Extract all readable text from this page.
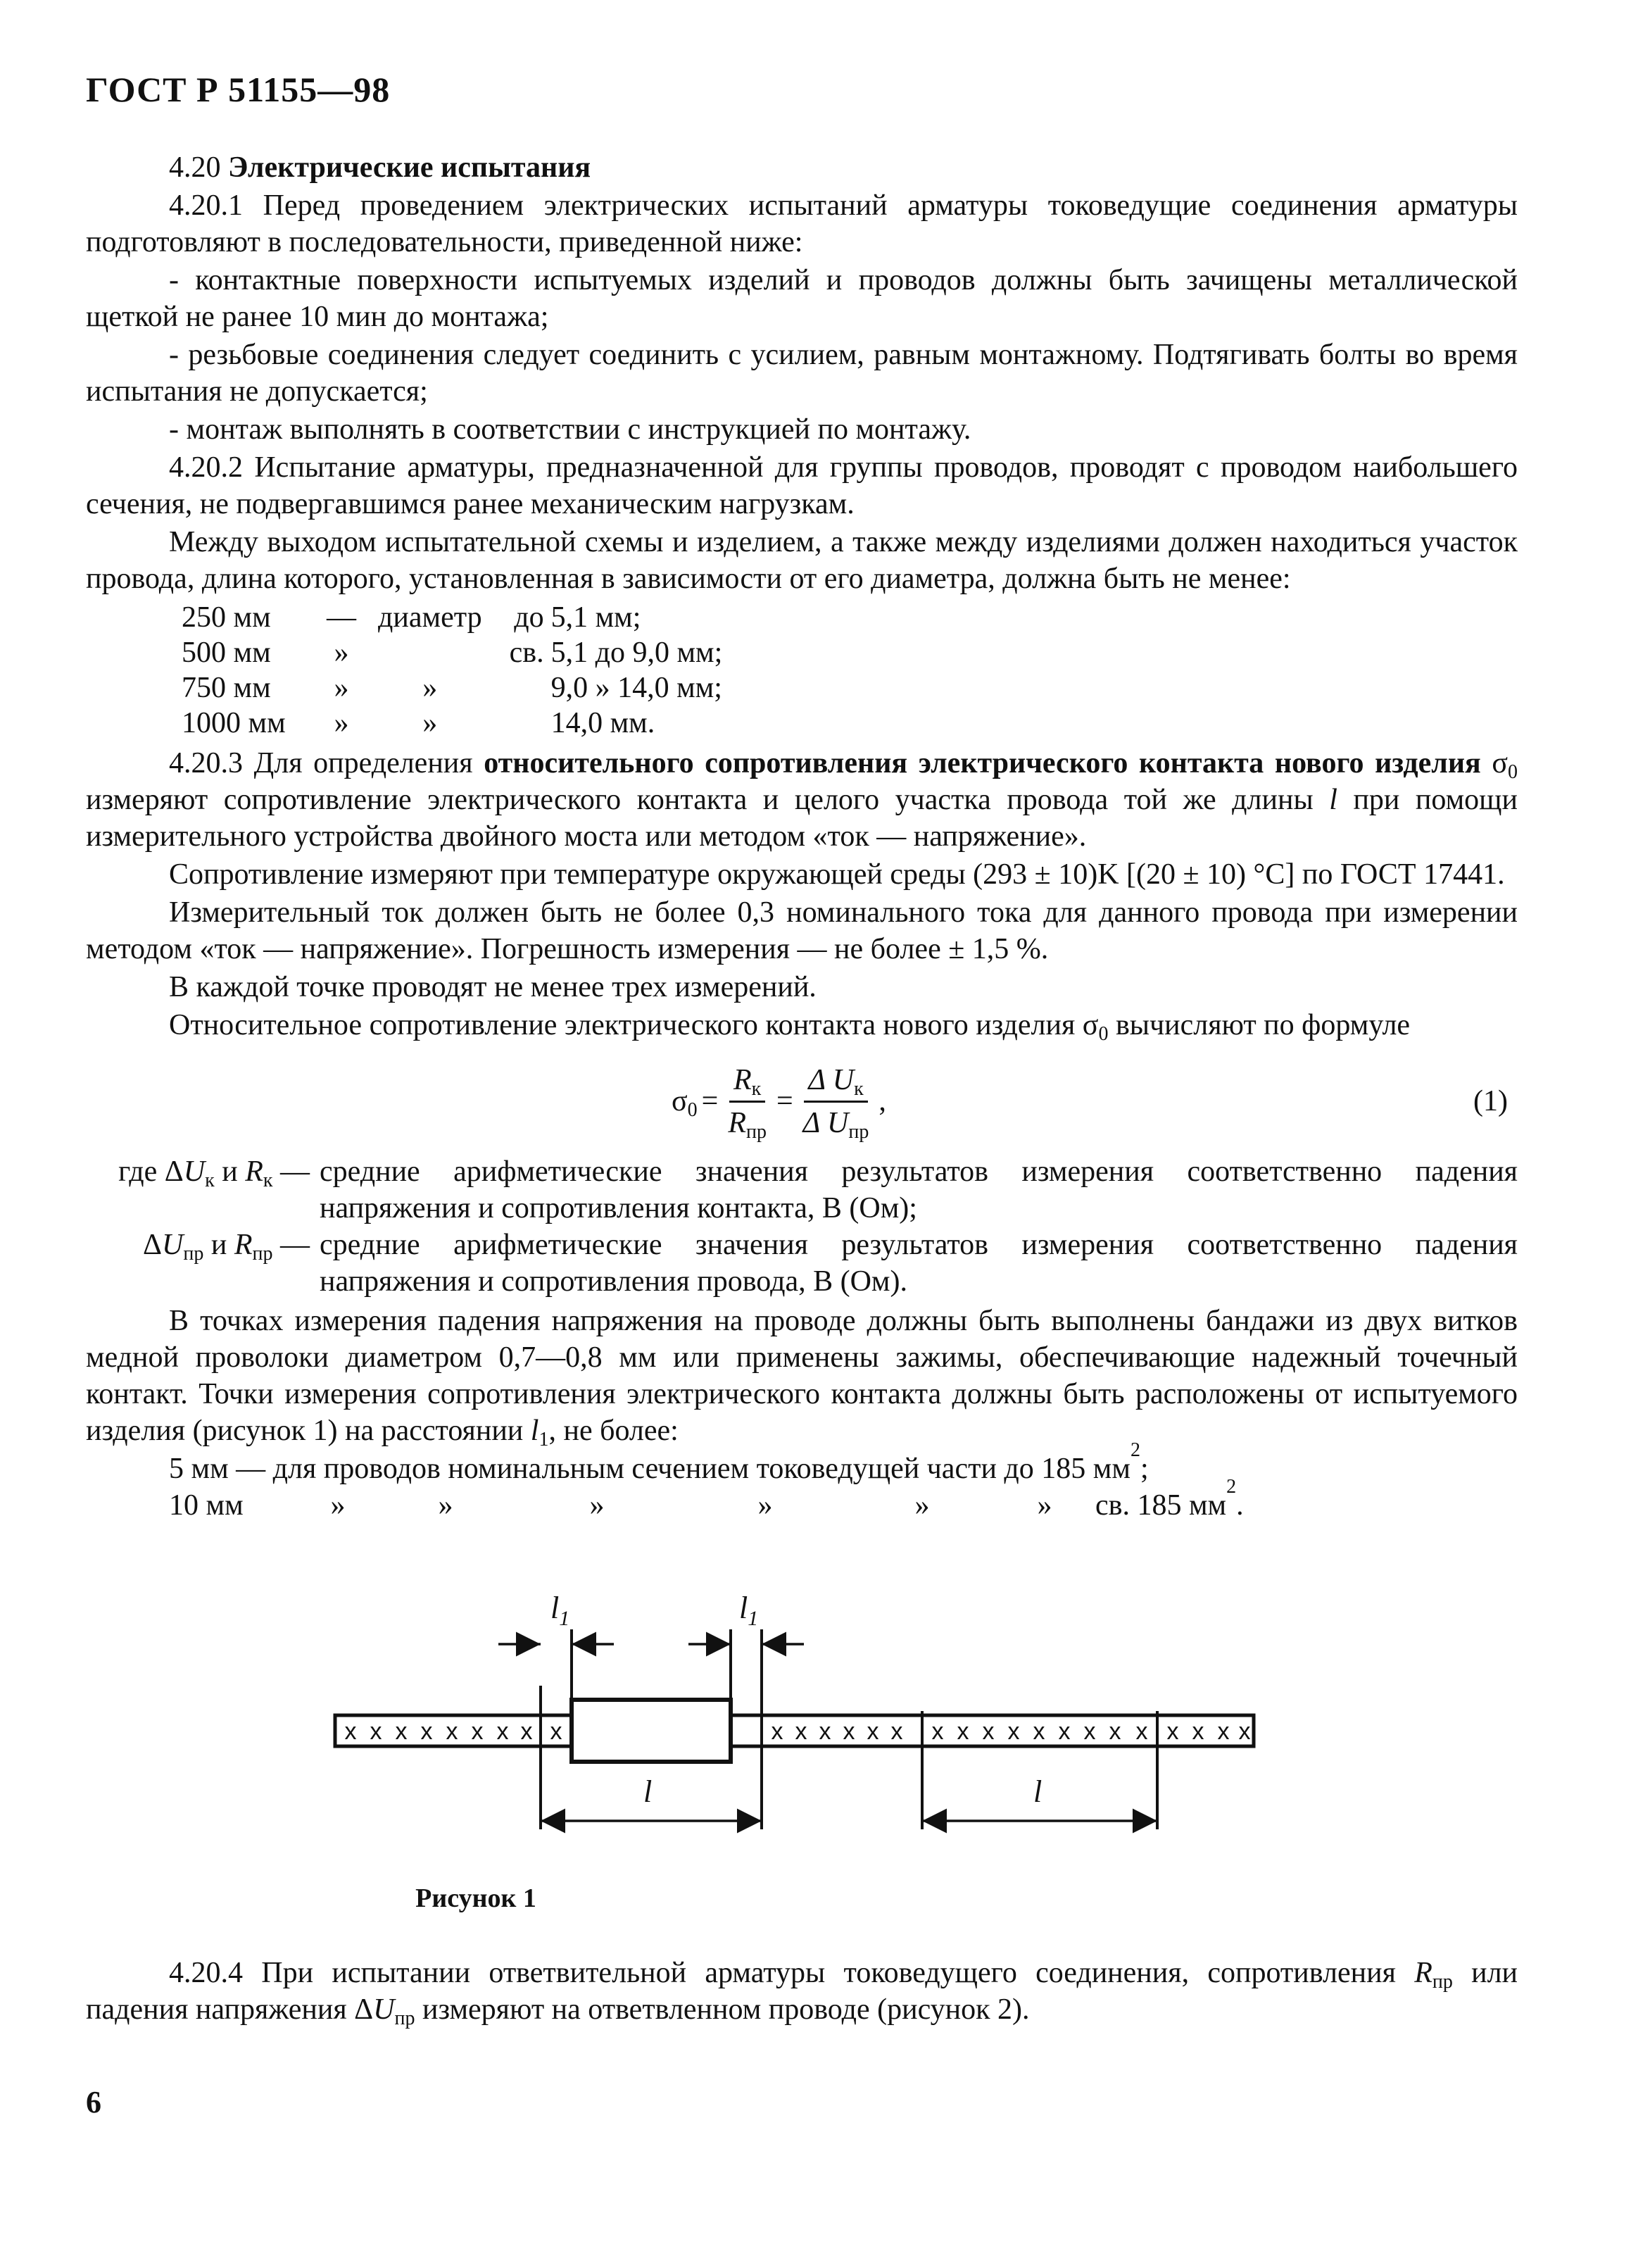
ГОСТ Р 51155—98

4.20 Электрические испытания

4.20.1 Перед проведением электрических испытаний арматуры токоведущие соединения арматуры подготовляют в последовательности, приведенной ниже:

- контактные поверхности испытуемых изделий и проводов должны быть зачищены металлической щеткой не ранее 10 мин до монтажа;

- резьбовые соединения следует соединить с усилием, равным монтажному. Подтягивать болты во время испытания не допускается;

- монтаж выполнять в соответствии с инструкцией по монтажу.

4.20.2 Испытание арматуры, предназначенной для группы проводов, проводят с проводом наибольшего сечения, не подвергавшимся ранее механическим нагрузкам.

Между выходом испытательной схемы и изделием, а также между изделиями должен находиться участок провода, длина которого, установленная в зависимости от его диаметра, должна быть не менее:

250 мм	—	диаметр	до	5,1 мм;
500 мм	»		св.	5,1 до 9,0 мм;
750 мм	»	»		9,0 » 14,0 мм;
1000 мм	»	»		14,0 мм.

4.20.3 Для определения относительного сопротивления электрического контакта нового изделия $\sigma_0$ измеряют сопротивление электрического контакта и целого участка провода той же длины l при помощи измерительного устройства двойного моста или методом «ток — напряжение».

Сопротивление измеряют при температуре окружающей среды (293 ± 10)K [(20 ± 10) °C] по ГОСТ 17441.

Измерительный ток должен быть не более 0,3 номинального тока для данного провода при измерении методом «ток — напряжение». Погрешность измерения — не более ± 1,5 %.

В каждой точке проводят не менее трех измерений.

Относительное сопротивление электрического контакта нового изделия $\sigma_0$ вычисляют по формуле

$\sigma_0 = \frac{R_к}{R_{пр}} = \frac{\Delta U_к}{\Delta U_{пр}}$ ,	(1)
где $\Delta U_к$ и $R_к$ — средние арифметические значения результатов измерения соответственно падения напряжения и сопротивления контакта, В (Ом);
$\Delta U_{пр}$ и $R_{пр}$ — средние арифметические значения результатов измерения соответственно падения напряжения и сопротивления провода, В (Ом).

В точках измерения падения напряжения на проводе должны быть выполнены бандажи из двух витков медной проволоки диаметром 0,7—0,8 мм или применены зажимы, обеспечивающие надежный точечный контакт. Точки измерения сопротивления электрического контакта должны быть расположены от испытуемого изделия (рисунок 1) на расстоянии $l_1$, не более:

5 мм — для проводов номинальным сечением токоведущей части до 185 мм
2
;
10 мм	»	»	»	»	»	»	св. 185 мм
2
.
x x x x x x x x x	x x x x x x x x x x x x x x x x x x x
$l_1$	$l_1$
l	l
Рисунок 1

4.20.4 При испытании ответвительной арматуры токоведущего соединения, сопротивления $R_{пр}$ или падения напряжения $\Delta U_{пр}$ измеряют на ответвленном проводе (рисунок 2).

6
